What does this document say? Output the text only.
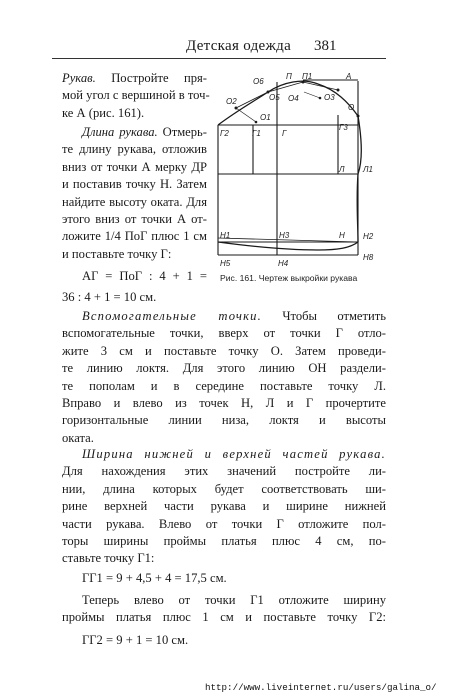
Детская одежда 381
Рукав. Постройте пря-
мой угол с вершиной в точ-
ке А (рис. 161).
Длина рукава. Отмерь-
те длину рукава, отложив
вниз от точки А мерку ДР
и поставив точку Н. Затем
найдите высоту оката. Для
этого вниз от точки А от-
ложите 1/4 ПоГ плюс 1 см
и поставьте точку Г:
АГ = ПоГ : 4 + 1 =
36 : 4 + 1 = 10 см.
О6
П П1	А
О5 О4	О3
О2
О
О1
Г2	Г1	Г
Г3
Л Л1
Н1	Н3	Н Н2
Н5	Н4
Н8
Рис. 161. Чертеж выкройки рукава
Вспомогательные точки. Чтобы отметить
вспомогательные точки, вверх от точки Г отло-
жите 3 см и поставьте точку О. Затем проведи-
те линию локтя. Для этого линию ОН раздели-
те пополам и в середине поставьте точку Л.
Вправо и влево из точек Н, Л и Г прочертите
горизонтальные линии низа, локтя и высоты
оката.
Ширина нижней и верхней частей рукава.
Для нахождения этих значений постройте ли-
нии, длина которых будет соответствовать ши-
рине верхней части рукава и ширине нижней
части рукава. Влево от точки Г отложите пол-
торы ширины проймы платья плюс 4 см, по-
ставьте точку Г1:
ГГ1 = 9 + 4,5 + 4 = 17,5 см.
Теперь влево от точки Г1 отложите ширину
проймы платья плюс 1 см и поставьте точку Г2:
ГГ2 = 9 + 1 = 10 см.
http://www.liveinternet.ru/users/galina_o/
